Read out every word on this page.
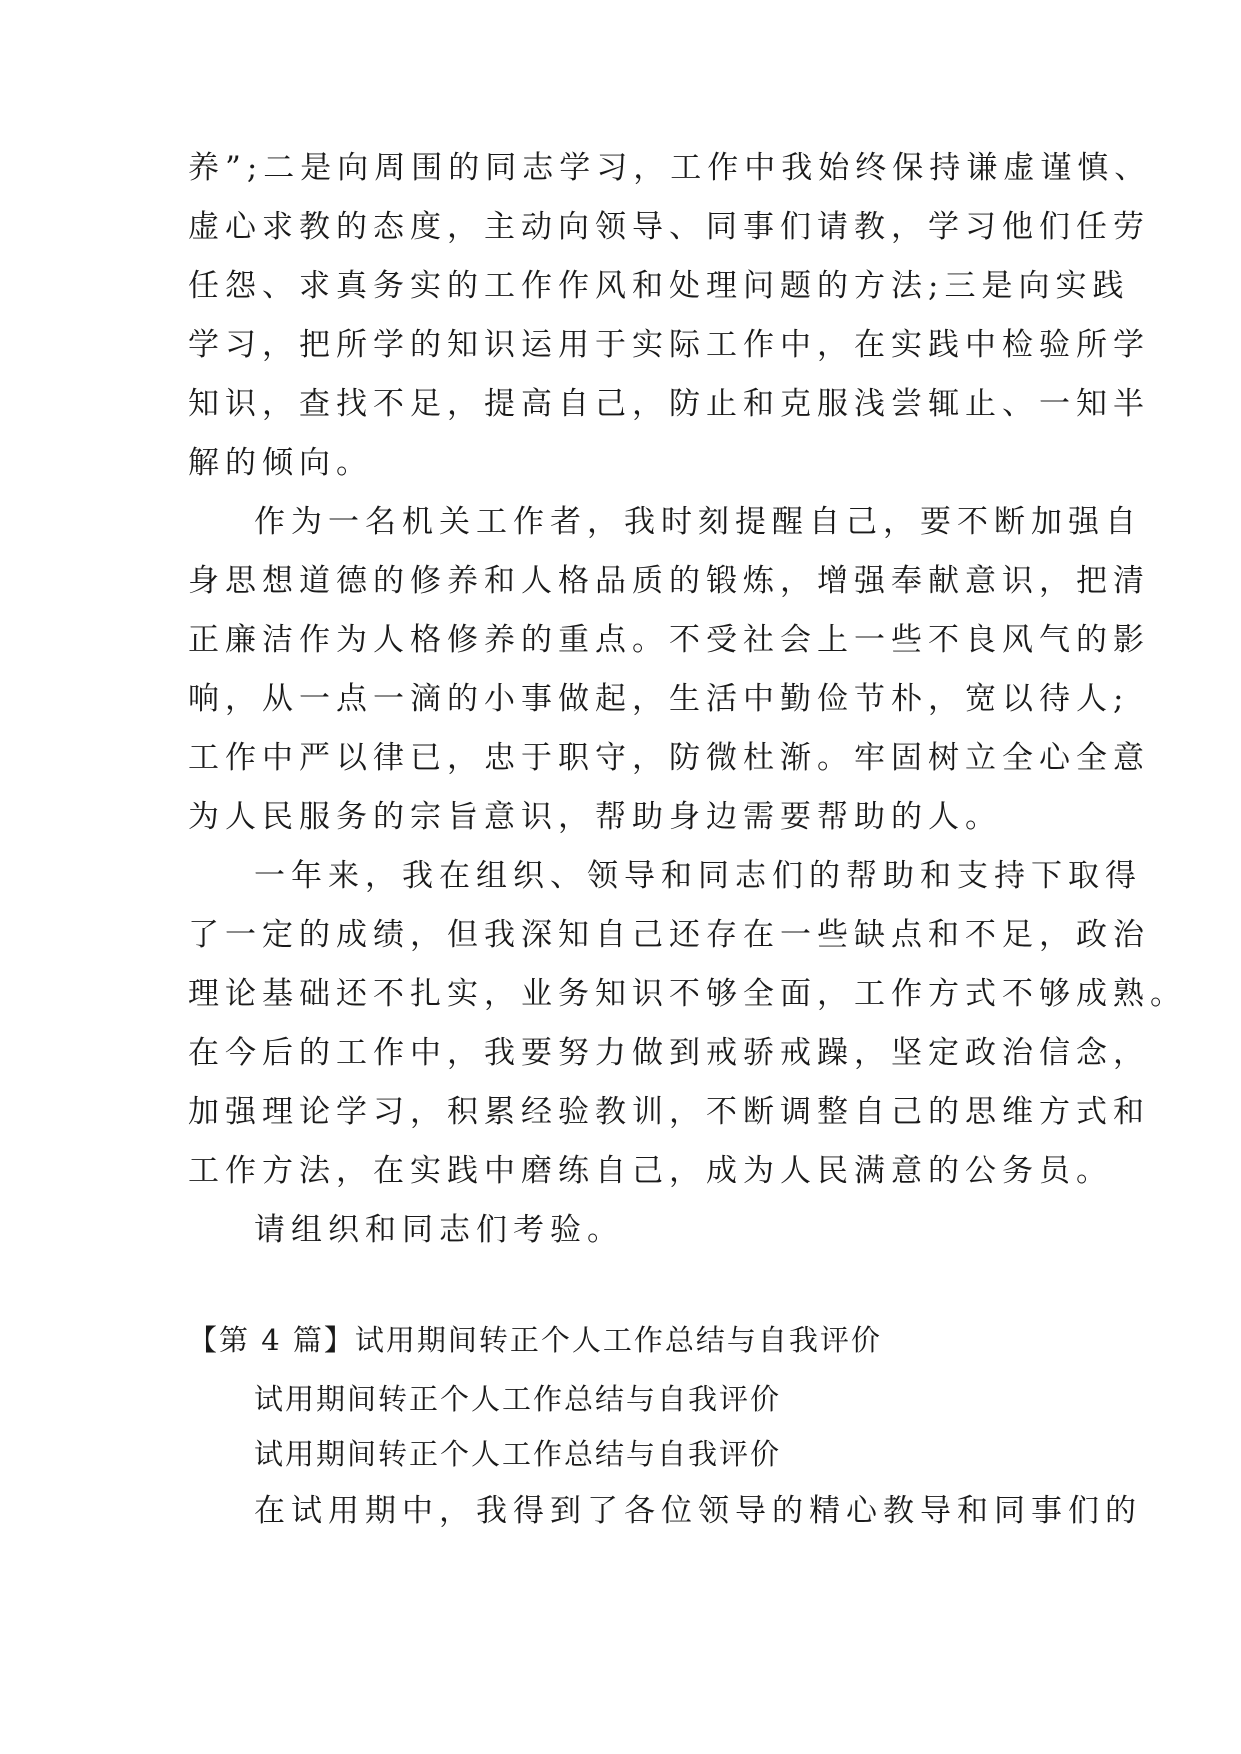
养”;二是向周围的同志学习，工作中我始终保持谦虚谨慎、
虚心求教的态度，主动向领导、同事们请教，学习他们任劳
任怨、求真务实的工作作风和处理问题的方法;三是向实践
学习，把所学的知识运用于实际工作中，在实践中检验所学
知识，查找不足，提高自己，防止和克服浅尝辄止、一知半
解的倾向。
作为一名机关工作者，我时刻提醒自己，要不断加强自
身思想道德的修养和人格品质的锻炼，增强奉献意识，把清
正廉洁作为人格修养的重点。不受社会上一些不良风气的影
响，从一点一滴的小事做起，生活中勤俭节朴，宽以待人;
工作中严以律已，忠于职守，防微杜渐。牢固树立全心全意
为人民服务的宗旨意识，帮助身边需要帮助的人。
一年来，我在组织、领导和同志们的帮助和支持下取得
了一定的成绩，但我深知自己还存在一些缺点和不足，政治
理论基础还不扎实，业务知识不够全面，工作方式不够成熟。
在今后的工作中，我要努力做到戒骄戒躁，坚定政治信念，
加强理论学习，积累经验教训，不断调整自己的思维方式和
工作方法，在实践中磨练自己，成为人民满意的公务员。
请组织和同志们考验。
【第 4 篇】试用期间转正个人工作总结与自我评价
试用期间转正个人工作总结与自我评价
试用期间转正个人工作总结与自我评价
在试用期中，我得到了各位领导的精心教导和同事们的
